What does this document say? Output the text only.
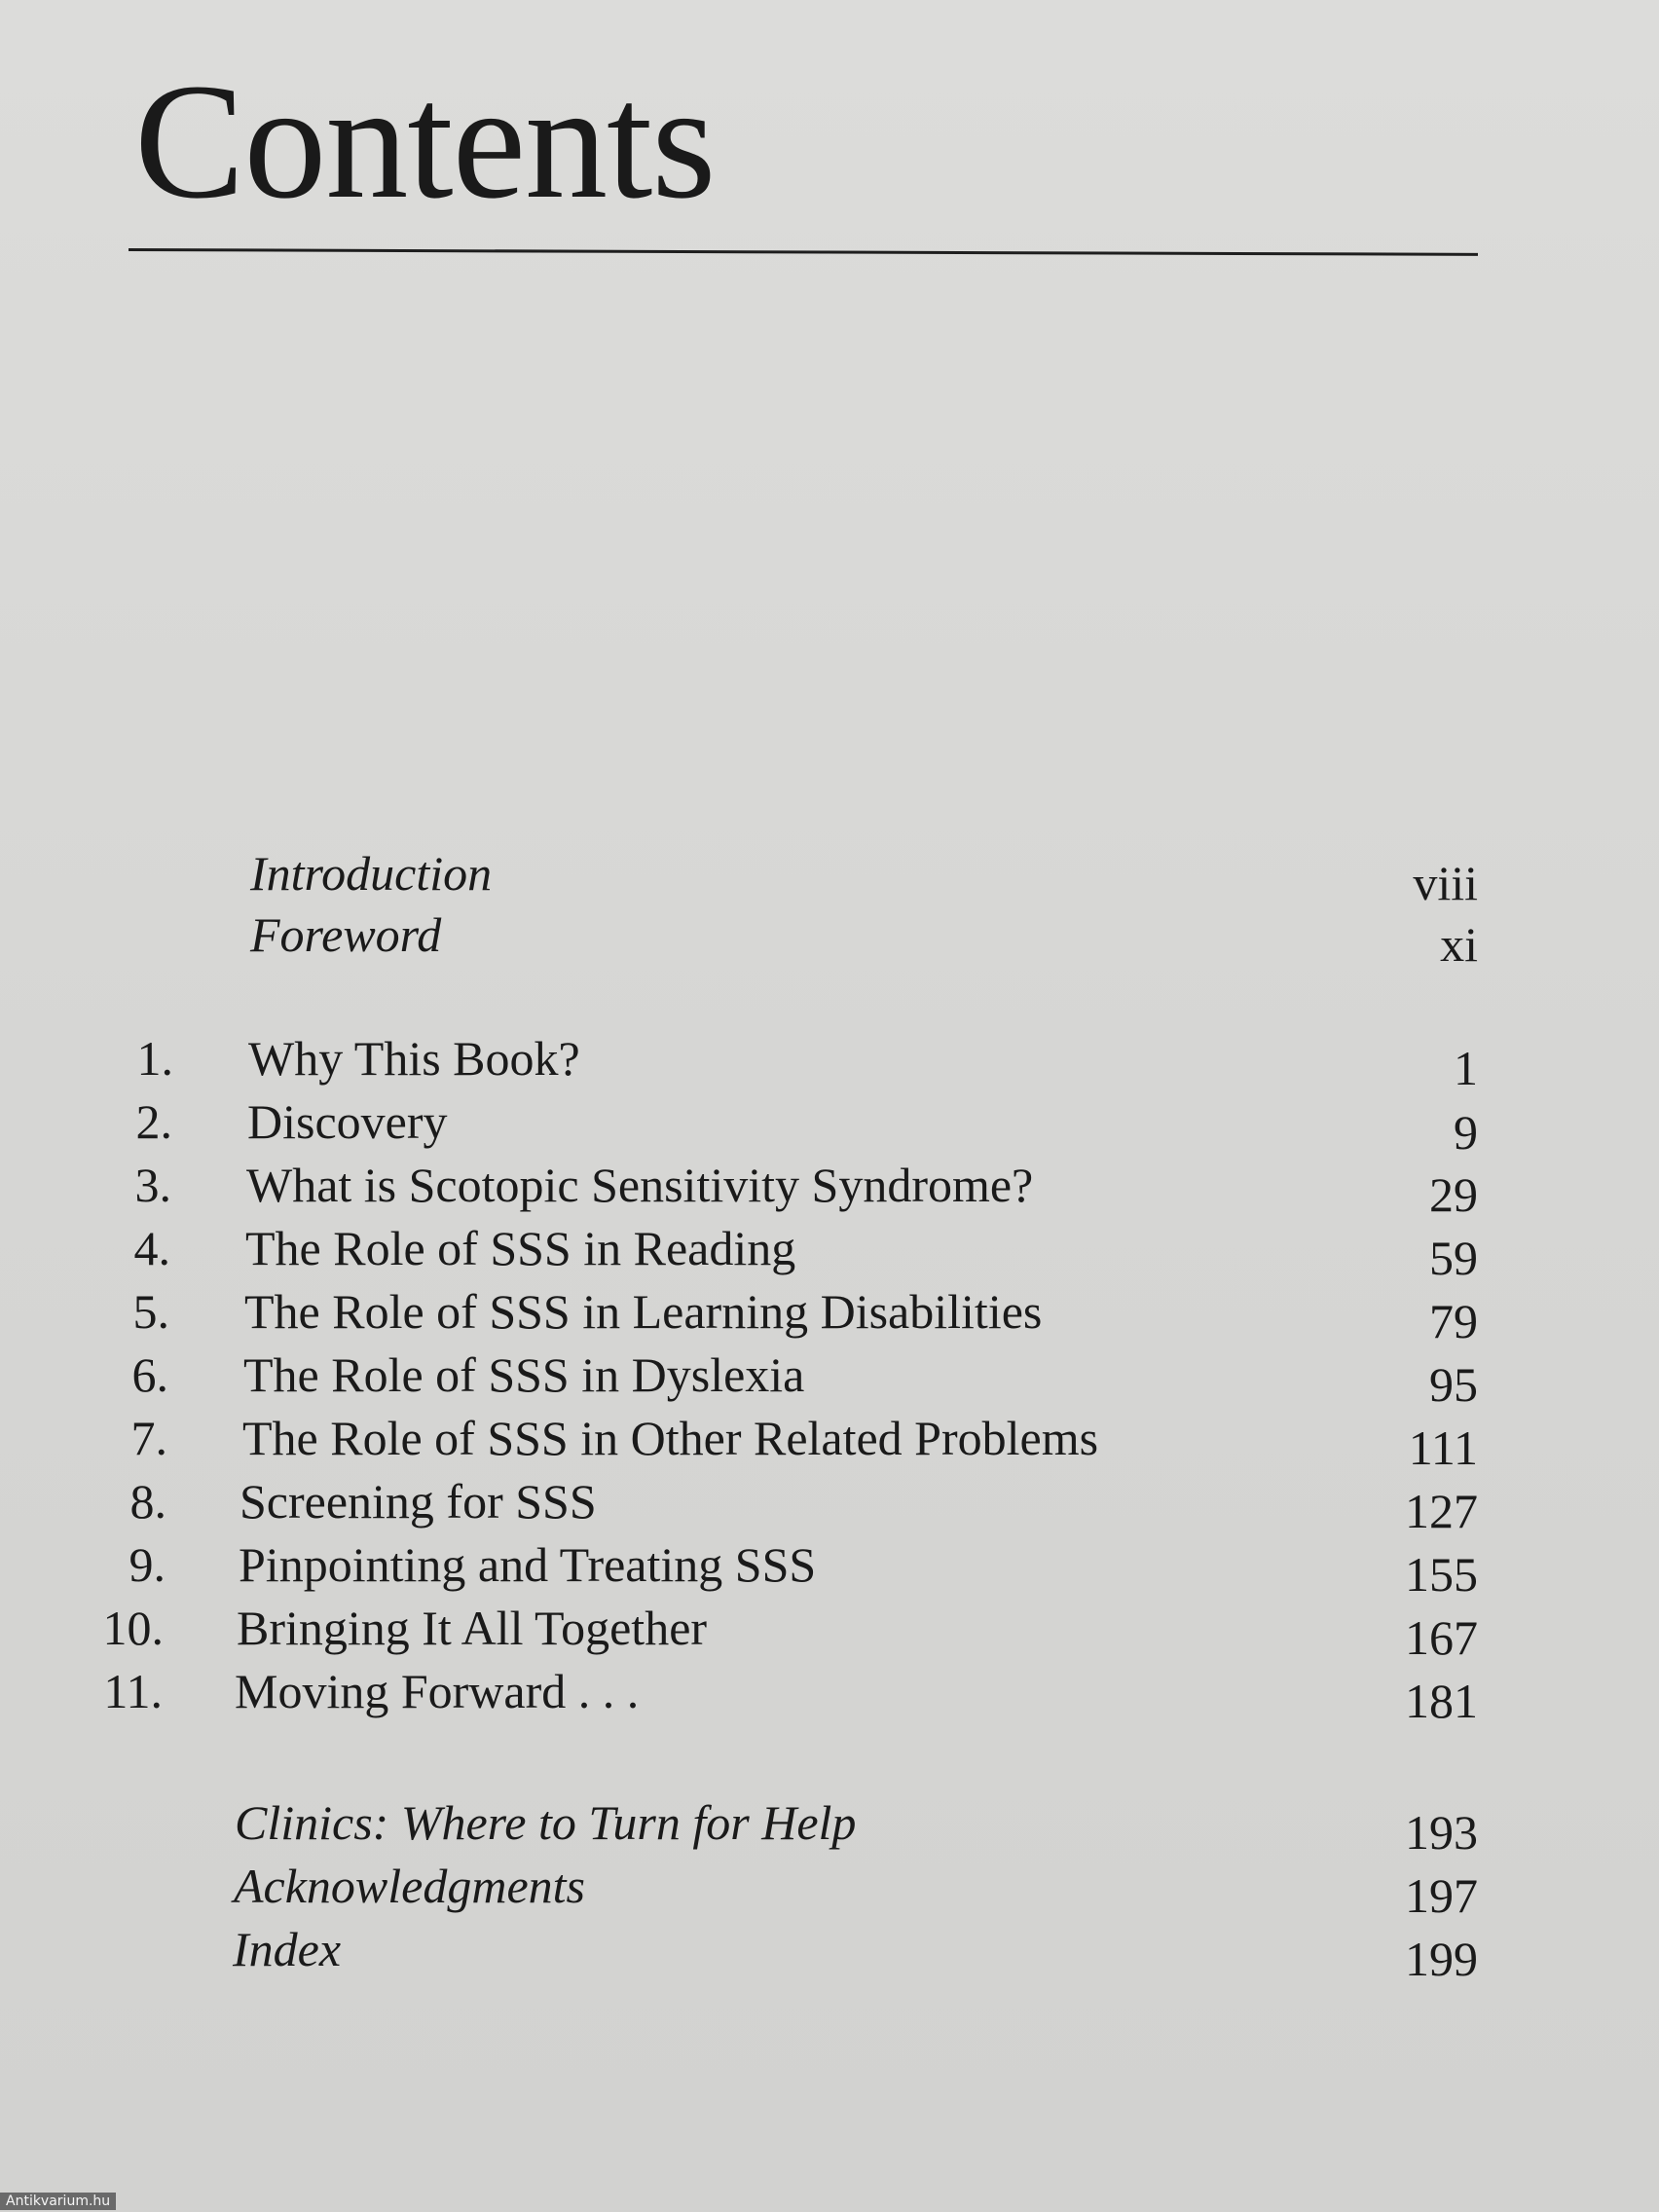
Contents
Introduction	viii
Foreword	xi
1. Why This Book?	1
2. Discovery	9
3. What is Scotopic Sensitivity Syndrome?	29
4. The Role of SSS in Reading	59
5. The Role of SSS in Learning Disabilities	79
6. The Role of SSS in Dyslexia	95
7. The Role of SSS in Other Related Problems	111
8. Screening for SSS	127
9. Pinpointing and Treating SSS	155
10. Bringing It All Together	167
11. Moving Forward . . .	181
Clinics: Where to Turn for Help	193
Acknowledgments	197
Index	199
Antikvarium.hu
